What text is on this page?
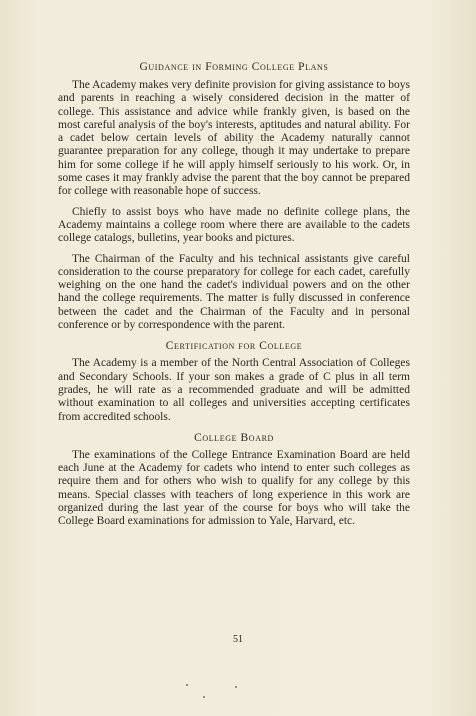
Guidance in Forming College Plans

The Academy makes very definite provision for giving assistance to boys and parents in reaching a wisely considered decision in the matter of college. This assistance and advice while frankly given, is based on the most careful analysis of the boy's interests, aptitudes and natural ability. For a cadet below certain levels of ability the Academy naturally cannot guarantee preparation for any college, though it may undertake to prepare him for some college if he will apply himself seriously to his work. Or, in some cases it may frankly advise the parent that the boy cannot be prepared for college with reasonable hope of success.

Chiefly to assist boys who have made no definite college plans, the Academy maintains a college room where there are available to the cadets college catalogs, bulletins, year books and pictures.

The Chairman of the Faculty and his technical assistants give careful consideration to the course preparatory for college for each cadet, carefully weighing on the one hand the cadet's individual powers and on the other hand the college requirements. The matter is fully discussed in conference between the cadet and the Chairman of the Faculty and in personal conference or by correspondence with the parent.

Certification for College

The Academy is a member of the North Central Association of Colleges and Secondary Schools. If your son makes a grade of C plus in all term grades, he will rate as a recommended graduate and will be admitted without examination to all colleges and universities accepting certificates from accredited schools.

College Board

The examinations of the College Entrance Examination Board are held each June at the Academy for cadets who intend to enter such colleges as require them and for others who wish to qualify for any college by this means. Special classes with teachers of long experience in this work are organized during the last year of the course for boys who will take the College Board examinations for admission to Yale, Harvard, etc.

51
